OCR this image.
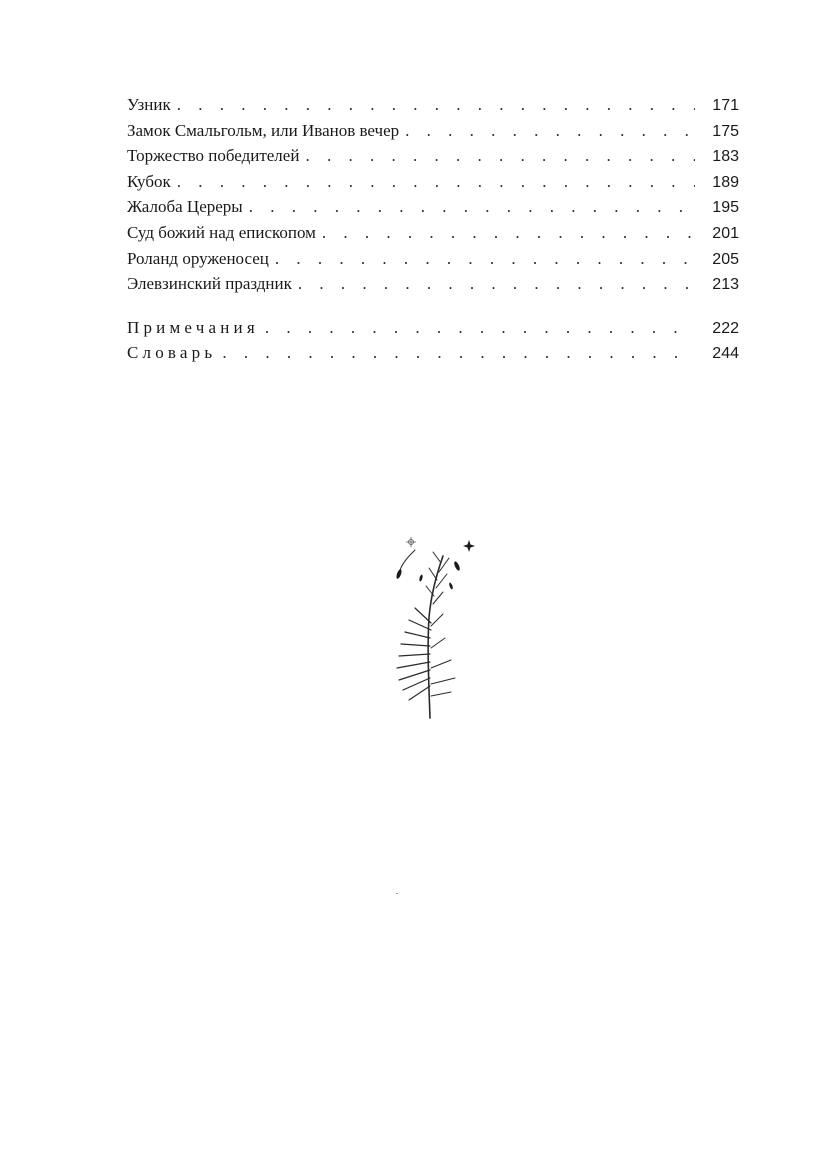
Узник . . .	171
Замок Смальгольм, или Иванов вечер . . .	175
Торжество победителей . . .	183
Кубок . . .	189
Жалоба Цереры . . .	195
Суд божий над епископом . . .	201
Роланд оруженосец . . .	205
Элевзинский праздник . . .	213
Примечания . . .	222
Словарь . . .	244
